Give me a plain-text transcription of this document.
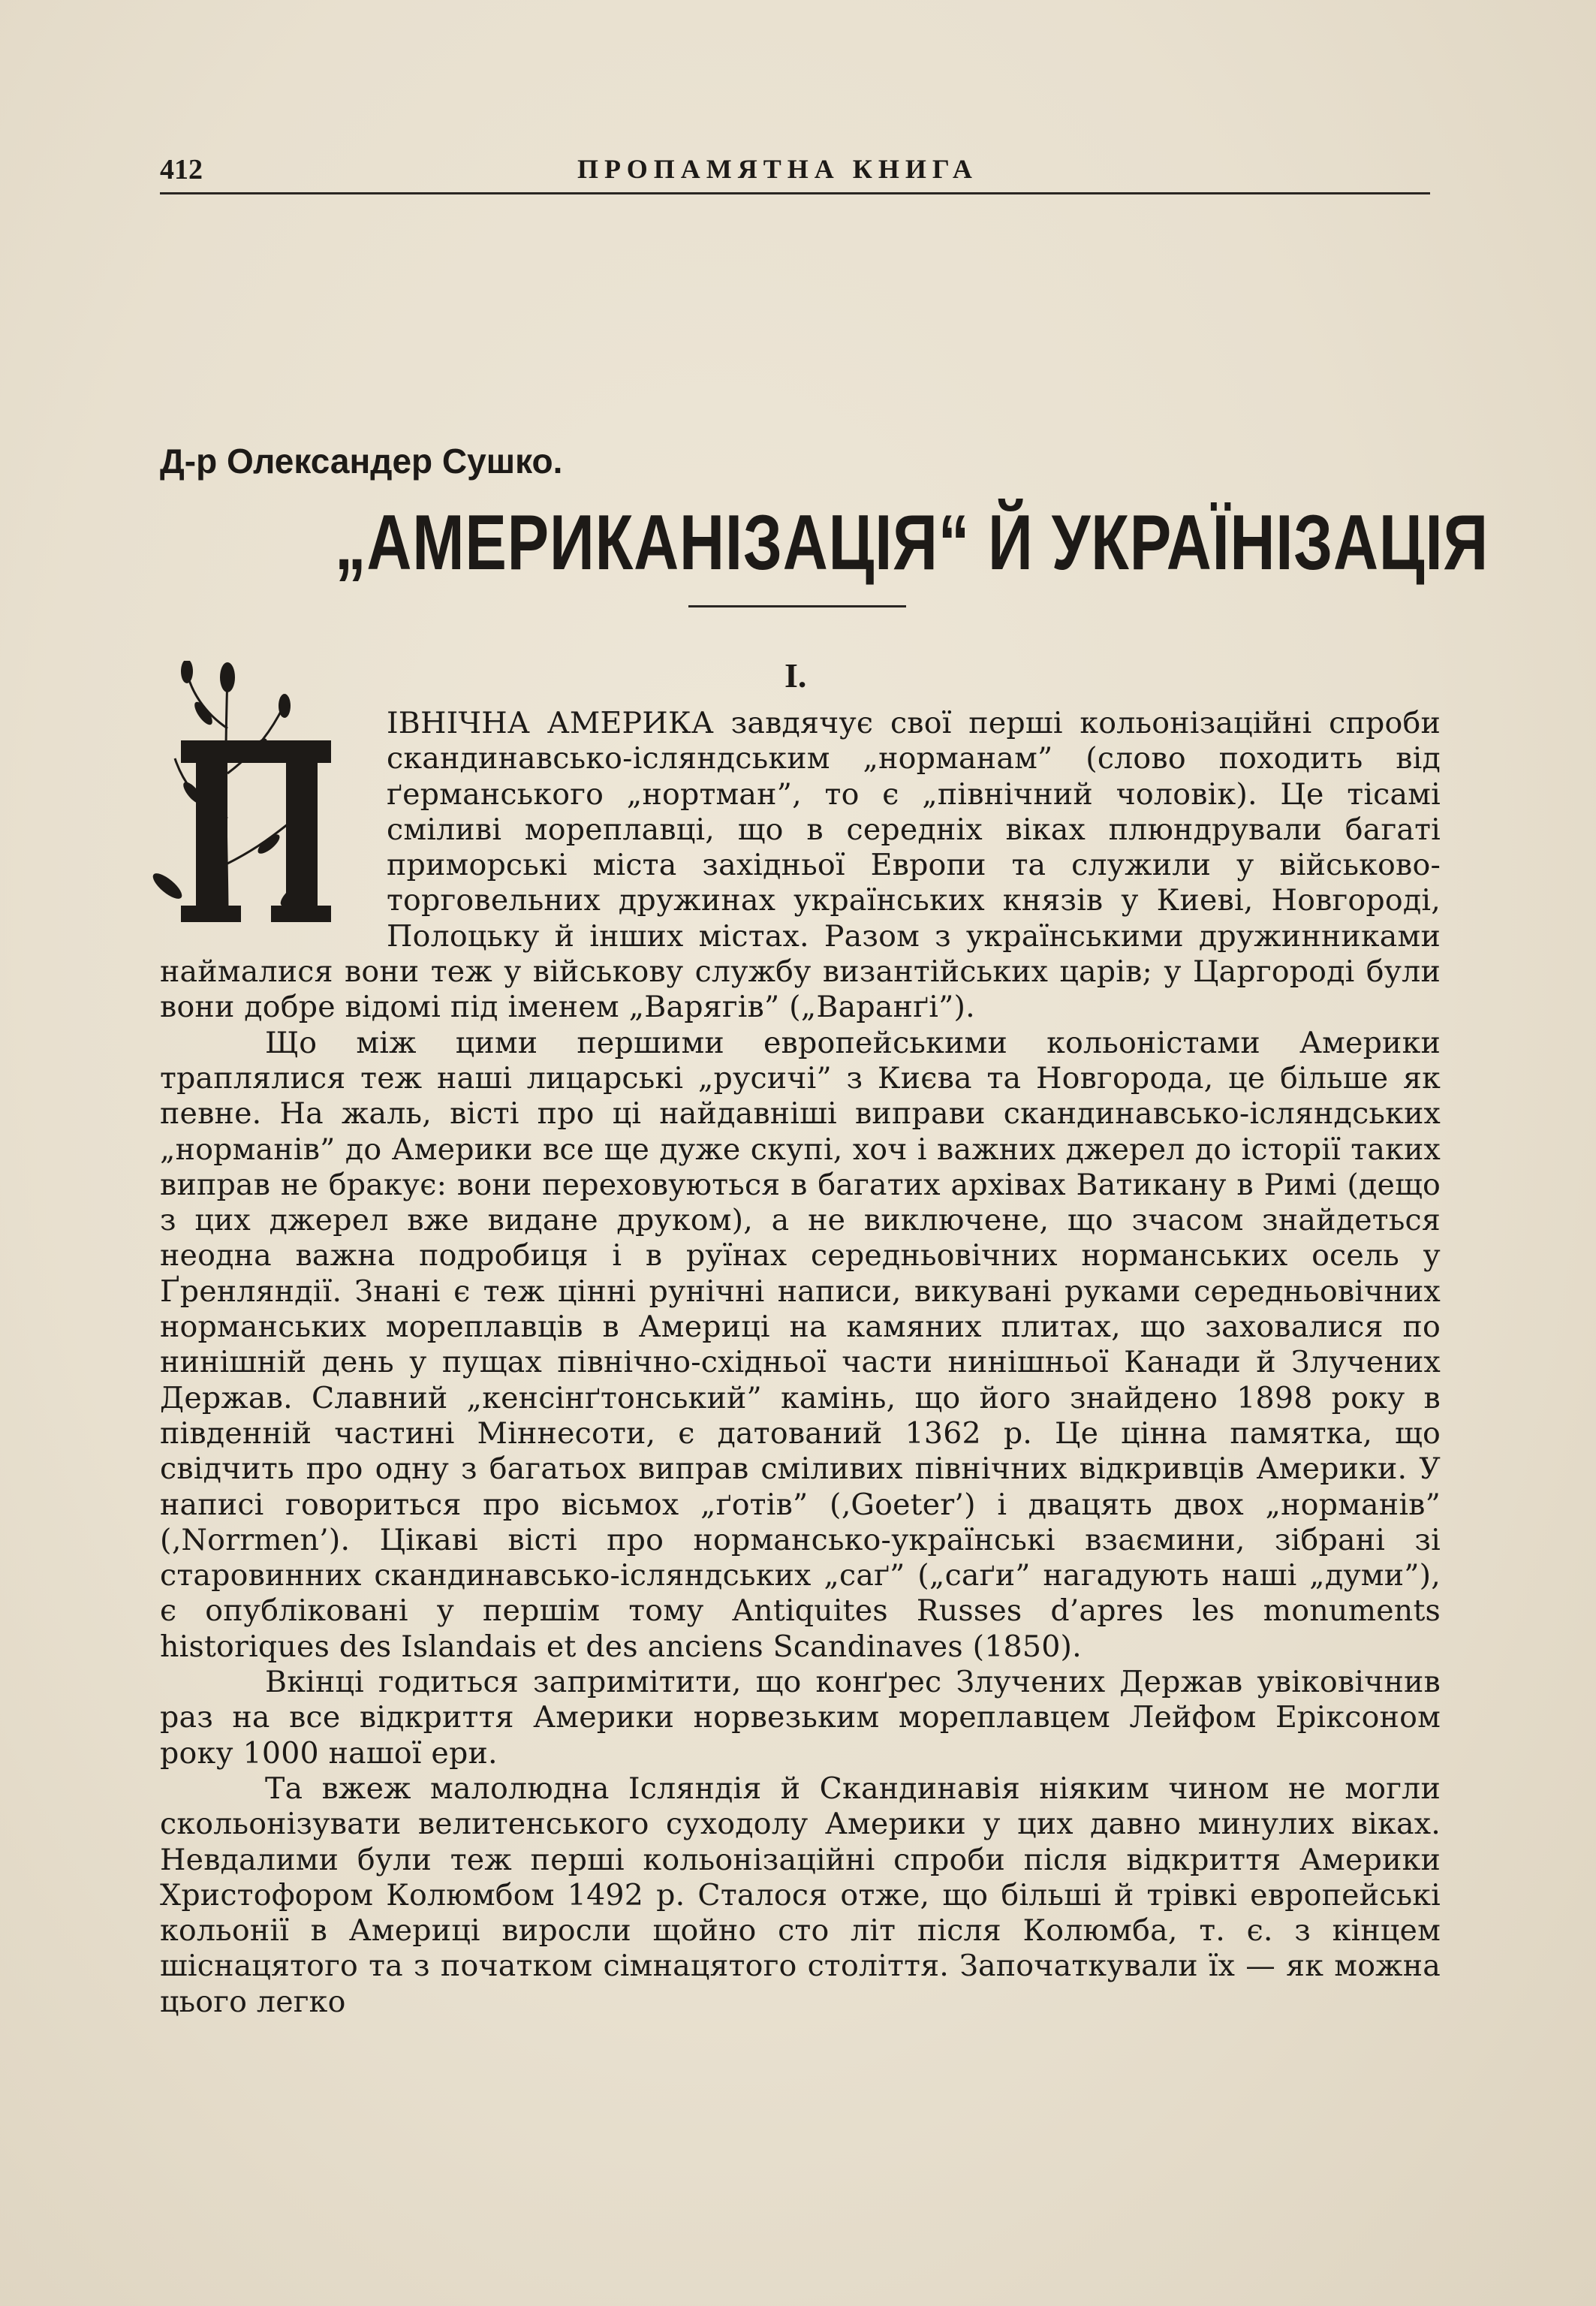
412	ПРОПАМЯТНА КНИГА
Д-р Олександер Сушко.
„АМЕРИКАНІЗАЦІЯ“ Й УКРАЇНІЗАЦІЯ
І.

ІВНІЧНА АМЕРИКА завдячує свої перші кольонізаційні спроби скандинавсько-ісляндським „норманам” (слово походить від ґерманського „нортман”, то є „північний чоловік). Це тісамі сміливі мореплавці, що в середніх віках плюндрували багаті приморські міста західньої Европи та служили у військово-торговельних дружинах українських князів у Киеві, Новгороді, Полоцьку й інших містах. Разом з українськими дружинниками наймалися вони теж у військову службу византійських царів; у Царгороді були вони добре відомі під іменем „Варягів” („Варанґі”).

Що між цими першими европейськими кольоністами Америки траплялися теж наші лицарські „русичі” з Києва та Новгорода, це більше як певне. На жаль, вісті про ці найдавніші виправи скандинавсько-ісляндських „норманів” до Америки все ще дуже скупі, хоч і важних джерел до історії таких виправ не бракує: вони переховуються в багатих архівах Ватикану в Римі (дещо з цих джерел вже видане друком), а не виключене, що зчасом знайдеться неодна важна подробиця і в руїнах середньовічних норманських осель у Ґренляндії. Знані є теж цінні рунічні написи, викувані руками середньовічних норманських мореплавців в Америці на камяних плитах, що заховалися по нинішній день у пущах північно-східньої части нинішньої Канади й Злучених Держав. Славний „кенсінґтонський” камінь, що його знайдено 1898 року в південній частині Міннесоти, є датований 1362 р. Це цінна памятка, що свідчить про одну з багатьох виправ сміливих північних відкривців Америки. У написі говориться про вісьмох „ґотів” (‚Goeter’) і двацять двох „норманів” (‚Norrmen’). Цікаві вісті про нормансько-українські взаємини, зібрані зі старовинних скандинавсько-ісляндських „саґ” („саґи” нагадують наші „думи”), є опубліковані у першім тому Antiquites Russes d’apres les monuments historiques des Islandais et des anciens Scandinaves (1850).

Вкінці годиться запримітити, що конґрес Злучених Держав увіковічнив раз на все відкриття Америки норвезьким мореплавцем Лейфом Еріксоном року 1000 нашої ери.

Та вжеж малолюдна Ісляндія й Скандинавія ніяким чином не могли скольонізувати велитенського суходолу Америки у цих давно минулих віках. Невдалими були теж перші кольонізаційні спроби після відкриття Америки Христофором Колюмбом 1492 р. Сталося отже, що більші й трівкі европейські кольонії в Америці виросли щойно сто літ після Колюмба, т. є. з кінцем шіснацятого та з початком сімнацятого століття. Започаткували їх — як можна цього легко
